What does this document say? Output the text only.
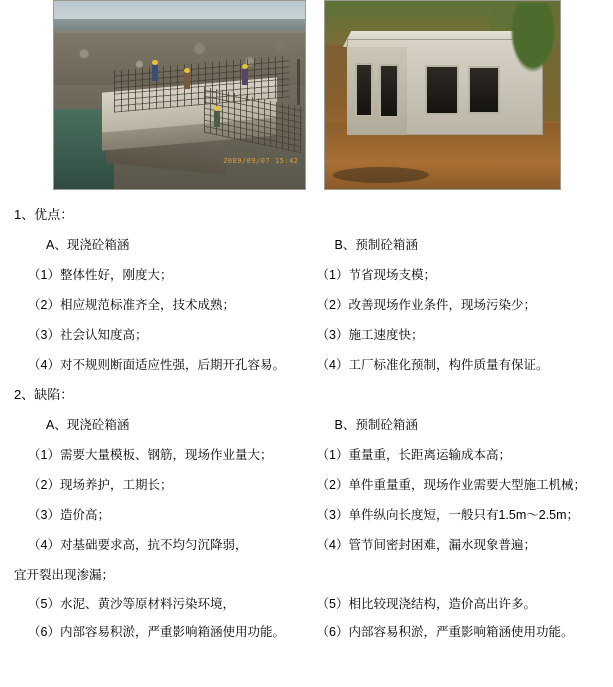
2009/09/07 15:42
1、优点：
A、现浇砼箱涵
（1）整体性好，刚度大；
（2）相应规范标准齐全，技术成熟；
（3）社会认知度高；
（4）对不规则断面适应性强，后期开孔容易。
B、预制砼箱涵
（1）节省现场支模；
（2）改善现场作业条件，现场污染少；
（3）施工速度快；
（4）工厂标准化预制，构件质量有保证。
2、缺陷：
A、现浇砼箱涵
（1）需要大量模板、钢筋，现场作业量大；
（2）现场养护，工期长；
（3）造价高；
（4）对基础要求高，抗不均匀沉降弱，
B、预制砼箱涵
（1）重量重，长距离运输成本高；
（2）单件重量重，现场作业需要大型施工机械；
（3）单件纵向长度短，一般只有1.5m～2.5m；
（4）管节间密封困难，漏水现象普遍；
宜开裂出现渗漏；
（5）水泥、黄沙等原材料污染环境，	（5）相比较现浇结构，造价高出许多。
（6）内部容易积淤，严重影响箱涵使用功能。	（6）内部容易积淤，严重影响箱涵使用功能。
